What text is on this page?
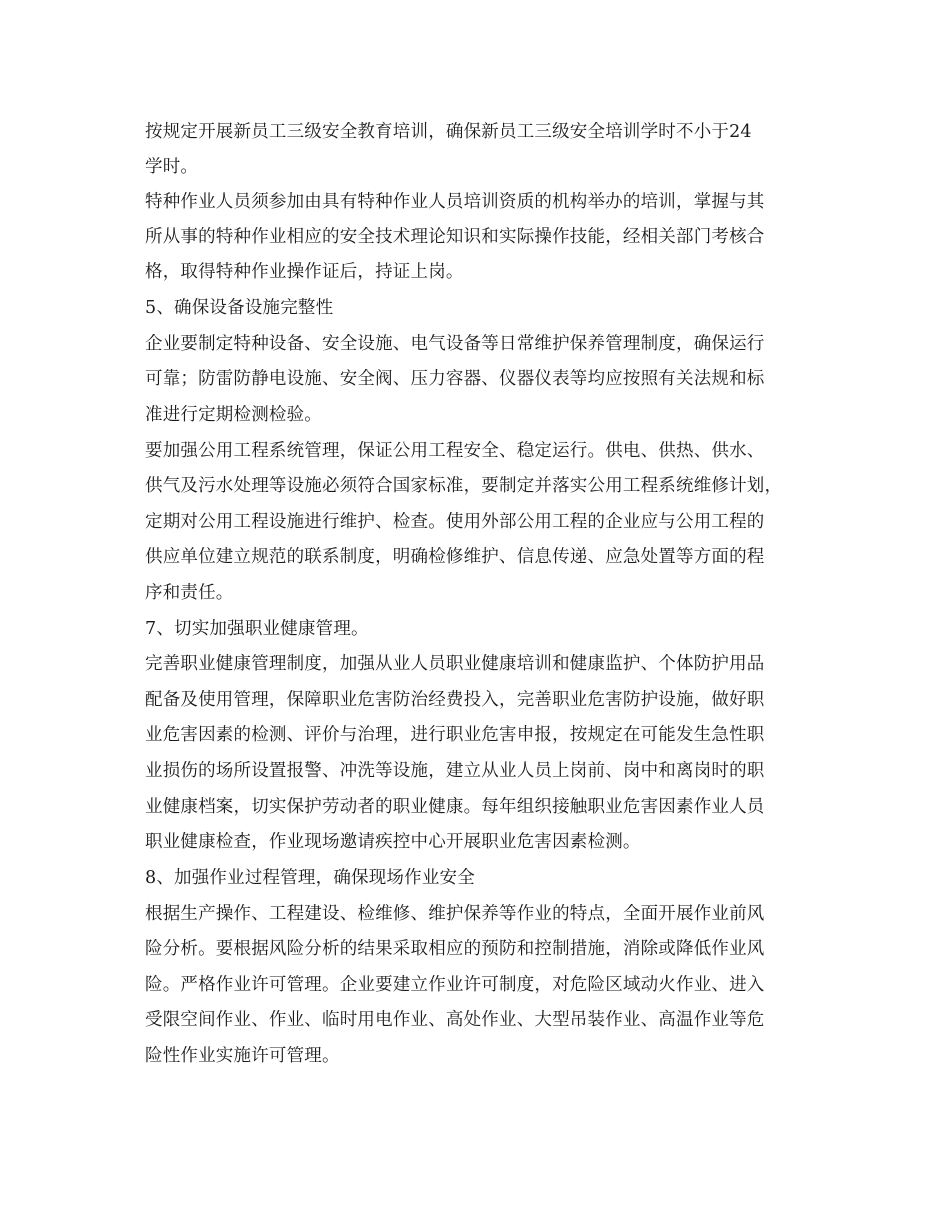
按规定开展新员工三级安全教育培训，确保新员工三级安全培训学时不小于24
学时。
特种作业人员须参加由具有特种作业人员培训资质的机构举办的培训，掌握与其
所从事的特种作业相应的安全技术理论知识和实际操作技能，经相关部门考核合
格，取得特种作业操作证后，持证上岗。
5、确保设备设施完整性
企业要制定特种设备、安全设施、电气设备等日常维护保养管理制度，确保运行
可靠；防雷防静电设施、安全阀、压力容器、仪器仪表等均应按照有关法规和标
准进行定期检测检验。
要加强公用工程系统管理，保证公用工程安全、稳定运行。供电、供热、供水、
供气及污水处理等设施必须符合国家标准，要制定并落实公用工程系统维修计划，
定期对公用工程设施进行维护、检查。使用外部公用工程的企业应与公用工程的
供应单位建立规范的联系制度，明确检修维护、信息传递、应急处置等方面的程
序和责任。
7、切实加强职业健康管理。
完善职业健康管理制度，加强从业人员职业健康培训和健康监护、个体防护用品
配备及使用管理，保障职业危害防治经费投入，完善职业危害防护设施，做好职
业危害因素的检测、评价与治理，进行职业危害申报，按规定在可能发生急性职
业损伤的场所设置报警、冲洗等设施，建立从业人员上岗前、岗中和离岗时的职
业健康档案，切实保护劳动者的职业健康。每年组织接触职业危害因素作业人员
职业健康检查，作业现场邀请疾控中心开展职业危害因素检测。
8、加强作业过程管理，确保现场作业安全
根据生产操作、工程建设、检维修、维护保养等作业的特点，全面开展作业前风
险分析。要根据风险分析的结果采取相应的预防和控制措施，消除或降低作业风
险。严格作业许可管理。企业要建立作业许可制度，对危险区域动火作业、进入
受限空间作业、作业、临时用电作业、高处作业、大型吊装作业、高温作业等危
险性作业实施许可管理。
